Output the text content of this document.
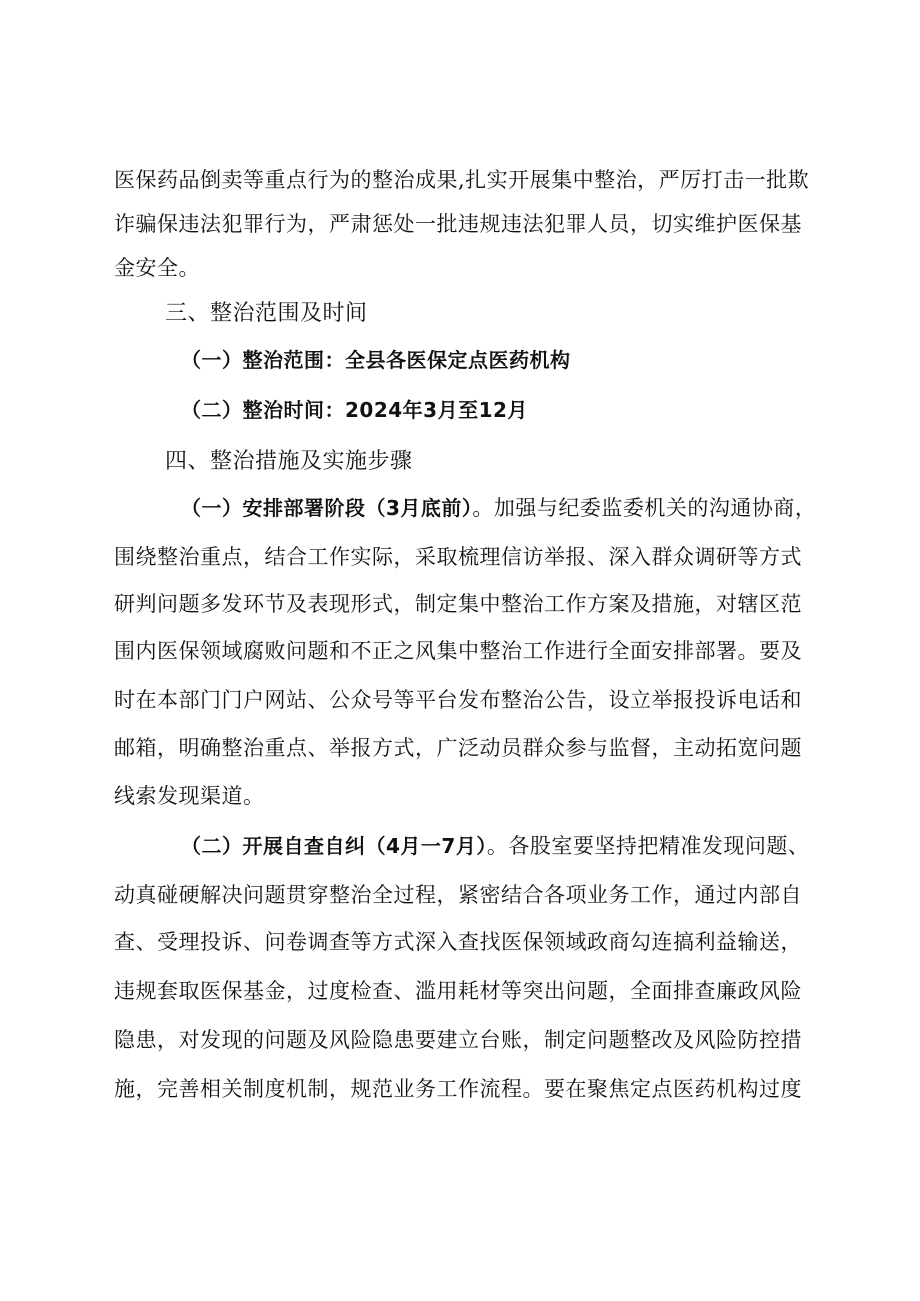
医保药品倒卖等重点行为的整治成果,扎实开展集中整治，严厉打击一批欺
诈骗保违法犯罪行为，严肃惩处一批违规违法犯罪人员，切实维护医保基
金安全。
三、整治范围及时间
（一）整治范围：全县各医保定点医药机构
（二）整治时间：2024年3月至12月
四、整治措施及实施步骤
（一）安排部署阶段（3月底前）。加强与纪委监委机关的沟通协商，
围绕整治重点，结合工作实际，采取梳理信访举报、深入群众调研等方式
研判问题多发环节及表现形式，制定集中整治工作方案及措施，对辖区范
围内医保领域腐败问题和不正之风集中整治工作进行全面安排部署。要及
时在本部门门户网站、公众号等平台发布整治公告，设立举报投诉电话和
邮箱，明确整治重点、举报方式，广泛动员群众参与监督，主动拓宽问题
线索发现渠道。
（二）开展自查自纠（4月一7月）。各股室要坚持把精准发现问题、
动真碰硬解决问题贯穿整治全过程，紧密结合各项业务工作，通过内部自
查、受理投诉、问卷调查等方式深入查找医保领域政商勾连搞利益输送，
违规套取医保基金，过度检查、滥用耗材等突出问题，全面排查廉政风险
隐患，对发现的问题及风险隐患要建立台账，制定问题整改及风险防控措
施，完善相关制度机制，规范业务工作流程。要在聚焦定点医药机构过度
